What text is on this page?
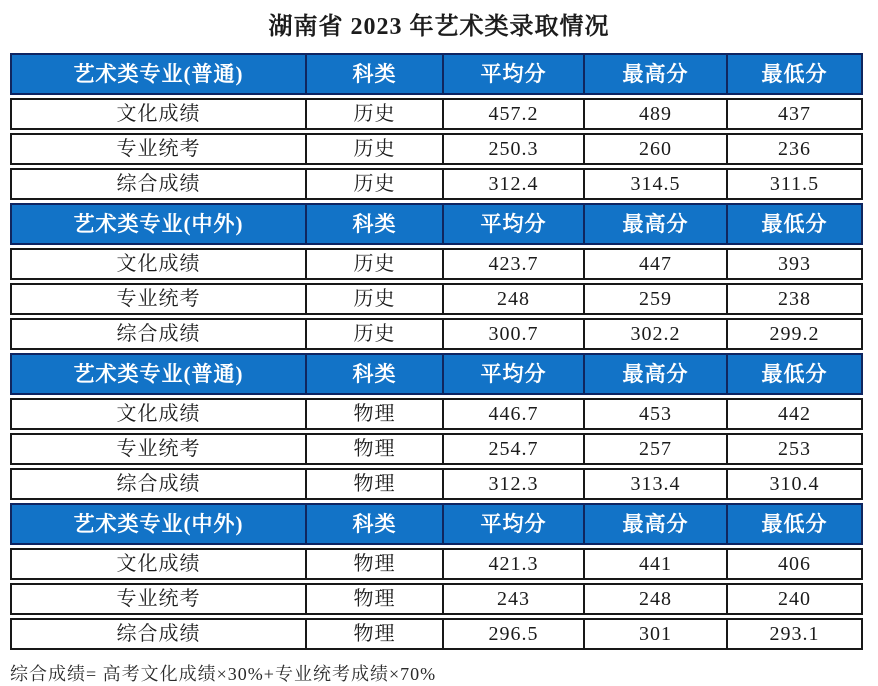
湖南省 2023 年艺术类录取情况
艺术类专业(普通)	科类	平均分	最高分	最低分
文化成绩	历史	457.2	489	437
专业统考	历史	250.3	260	236
综合成绩	历史	312.4	314.5	311.5
艺术类专业(中外)	科类	平均分	最高分	最低分
文化成绩	历史	423.7	447	393
专业统考	历史	248	259	238
综合成绩	历史	300.7	302.2	299.2
艺术类专业(普通)	科类	平均分	最高分	最低分
文化成绩	物理	446.7	453	442
专业统考	物理	254.7	257	253
综合成绩	物理	312.3	313.4	310.4
艺术类专业(中外)	科类	平均分	最高分	最低分
文化成绩	物理	421.3	441	406
专业统考	物理	243	248	240
综合成绩	物理	296.5	301	293.1
综合成绩= 高考文化成绩×30%+专业统考成绩×70%
